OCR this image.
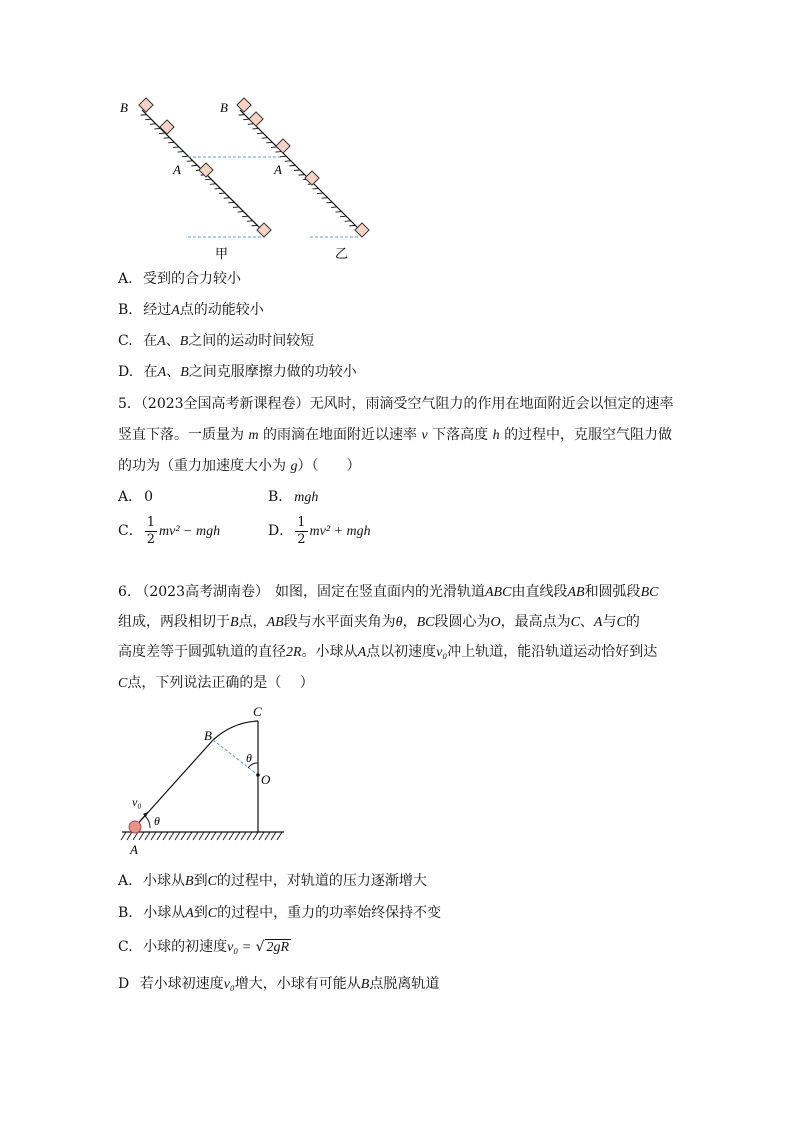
B
A
甲
B
A
乙
A. 受到的合力较小
B. 经过A点的动能较小
C. 在A、B之间的运动时间较短
D. 在A、B之间克服摩擦力做的功较小
5．（2023全国高考新课程卷）无风时，雨滴受空气阻力的作用在地面附近会以恒定的速率
竖直下落。一质量为 m 的雨滴在地面附近以速率 v 下落高度 h 的过程中，克服空气阻力做
的功为（重力加速度大小为 g）（　　）
A． 0	B． mgh
C． $\frac{1}{2} mv^2$ − mgh	D． $\frac{1}{2} mv^2$ + mgh
6. （2023高考湖南卷） 如图，固定在竖直面内的光滑轨道ABC由直线段AB和圆弧段BC
组成，两段相切于B点，AB段与水平面夹角为θ，BC段圆心为O，最高点为C、A与C的
高度差等于圆弧轨道的直径2R。小球从A点以初速度v₀冲上轨道，能沿轨道运动恰好到达
C点，下列说法正确的是（　 ）
C
B
O
θ
θ
v₀
A
A. 小球从B到C的过程中，对轨道的压力逐渐增大
B. 小球从A到C的过程中，重力的功率始终保持不变
C. 小球的初速度v₀ = √ 2gR
D 若小球初速度v₀增大，小球有可能从B点脱离轨道
